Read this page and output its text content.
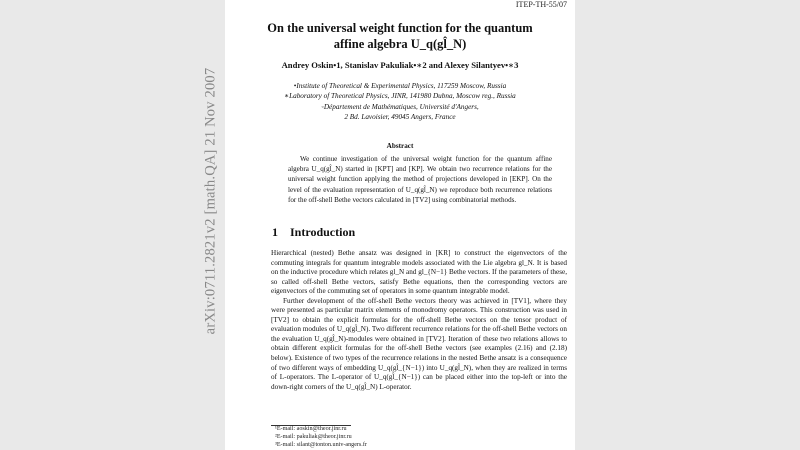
arXiv:0711.2821v2 [math.QA] 21 Nov 2007
ITEP-TH-55/07
On the universal weight function for the quantum
affine algebra U_q(gl̂_N)
Andrey Oskin•1, Stanislav Pakuliak•∗2 and Alexey Silantyev•∗3
•Institute of Theoretical & Experimental Physics, 117259 Moscow, Russia
∗Laboratory of Theoretical Physics, JINR, 141980 Dubna, Moscow reg., Russia
◦Département de Mathématiques, Université d'Angers,
2 Bd. Lavoisier, 49045 Angers, France
Abstract
We continue investigation of the universal weight function for the quantum affine algebra U_q(gl̂_N) started in [KPT] and [KP]. We obtain two recurrence relations for the universal weight function applying the method of projections developed in [EKP]. On the level of the evaluation representation of U_q(gl̂_N) we reproduce both recurrence relations for the off-shell Bethe vectors calculated in [TV2] using combinatorial methods.
1 Introduction

Hierarchical (nested) Bethe ansatz was designed in [KR] to construct the eigenvectors of the commuting integrals for quantum integrable models associated with the Lie algebra gl_N. It is based on the inductive procedure which relates gl_N and gl_{N−1} Bethe vectors. If the parameters of these, so called off-shell Bethe vectors, satisfy Bethe equations, then the corresponding vectors are eigenvectors of the commuting set of operators in some quantum integrable model.

Further development of the off-shell Bethe vectors theory was achieved in [TV1], where they were presented as particular matrix elements of monodromy operators. This construction was used in [TV2] to obtain the explicit formulas for the off-shell Bethe vectors on the tensor product of evaluation modules of U_q(gl̂_N). Two different recurrence relations for the off-shell Bethe vectors on the evaluation U_q(gl̂_N)-modules were obtained in [TV2]. Iteration of these two relations allows to obtain different explicit formulas for the off-shell Bethe vectors (see examples (2.16) and (2.18) below). Existence of two types of the recurrence relations in the nested Bethe ansatz is a consequence of two different ways of embedding U_q(gl̂_{N−1}) into U_q(gl̂_N), when they are realized in terms of L-operators. The L-operator of U_q(gl̂_{N−1}) can be placed either into the top-left or into the down-right corners of the U_q(gl̂_N) L-operator.

¹E-mail: aoskin@theor.jinr.ru
²E-mail: pakuliak@theor.jinr.ru
³E-mail: silant@tonton.univ-angers.fr
